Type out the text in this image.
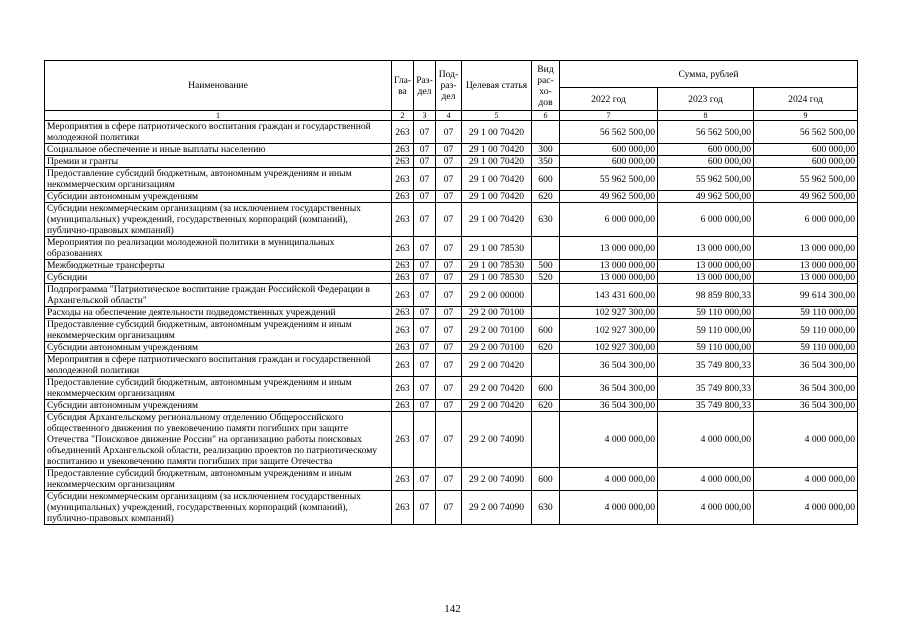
Наименование	Гла-ва	Раз-дел	Под-раз-дел	Целевая статья	Вид рас-хо-дов	Сумма, рублей		
						2022 год	2023 год	2024 год
1	2	3	4	5	6	7	8	9
Мероприятия в сфере патриотического воспитания граждан и государственной молодежной политики	263	07	07	29 1 00 70420		56 562 500,00	56 562 500,00	56 562 500,00
Социальное обеспечение и иные выплаты населению	263	07	07	29 1 00 70420	300	600 000,00	600 000,00	600 000,00
Премии и гранты	263	07	07	29 1 00 70420	350	600 000,00	600 000,00	600 000,00
Предоставление субсидий бюджетным, автономным учреждениям и иным некоммерческим организациям	263	07	07	29 1 00 70420	600	55 962 500,00	55 962 500,00	55 962 500,00
Субсидии автономным учреждениям	263	07	07	29 1 00 70420	620	49 962 500,00	49 962 500,00	49 962 500,00
Субсидии некоммерческим организациям (за исключением государственных (муниципальных) учреждений, государственных корпораций (компаний), публично-правовых компаний)	263	07	07	29 1 00 70420	630	6 000 000,00	6 000 000,00	6 000 000,00
Мероприятия по реализации молодежной политики в муниципальных образованиях	263	07	07	29 1 00 78530		13 000 000,00	13 000 000,00	13 000 000,00
Межбюджетные трансферты	263	07	07	29 1 00 78530	500	13 000 000,00	13 000 000,00	13 000 000,00
Субсидии	263	07	07	29 1 00 78530	520	13 000 000,00	13 000 000,00	13 000 000,00
Подпрограмма "Патриотическое воспитание граждан Российской Федерации в Архангельской области"	263	07	07	29 2 00 00000		143 431 600,00	98 859 800,33	99 614 300,00
Расходы на обеспечение деятельности подведомственных учреждений	263	07	07	29 2 00 70100		102 927 300,00	59 110 000,00	59 110 000,00
Предоставление субсидий бюджетным, автономным учреждениям и иным некоммерческим организациям	263	07	07	29 2 00 70100	600	102 927 300,00	59 110 000,00	59 110 000,00
Субсидии автономным учреждениям	263	07	07	29 2 00 70100	620	102 927 300,00	59 110 000,00	59 110 000,00
Мероприятия в сфере патриотического воспитания граждан и государственной молодежной политики	263	07	07	29 2 00 70420		36 504 300,00	35 749 800,33	36 504 300,00
Предоставление субсидий бюджетным, автономным учреждениям и иным некоммерческим организациям	263	07	07	29 2 00 70420	600	36 504 300,00	35 749 800,33	36 504 300,00
Субсидии автономным учреждениям	263	07	07	29 2 00 70420	620	36 504 300,00	35 749 800,33	36 504 300,00
Субсидия Архангельскому региональному отделению Общероссийского общественного движения по увековечению памяти погибших при защите Отечества "Поисковое движение России" на организацию работы поисковых объединений Архангельской области, реализацию проектов по патриотическому воспитанию и увековечению памяти погибших при защите Отечества	263	07	07	29 2 00 74090		4 000 000,00	4 000 000,00	4 000 000,00
Предоставление субсидий бюджетным, автономным учреждениям и иным некоммерческим организациям	263	07	07	29 2 00 74090	600	4 000 000,00	4 000 000,00	4 000 000,00
Субсидии некоммерческим организациям (за исключением государственных (муниципальных) учреждений, государственных корпораций (компаний), публично-правовых компаний)	263	07	07	29 2 00 74090	630	4 000 000,00	4 000 000,00	4 000 000,00
142
